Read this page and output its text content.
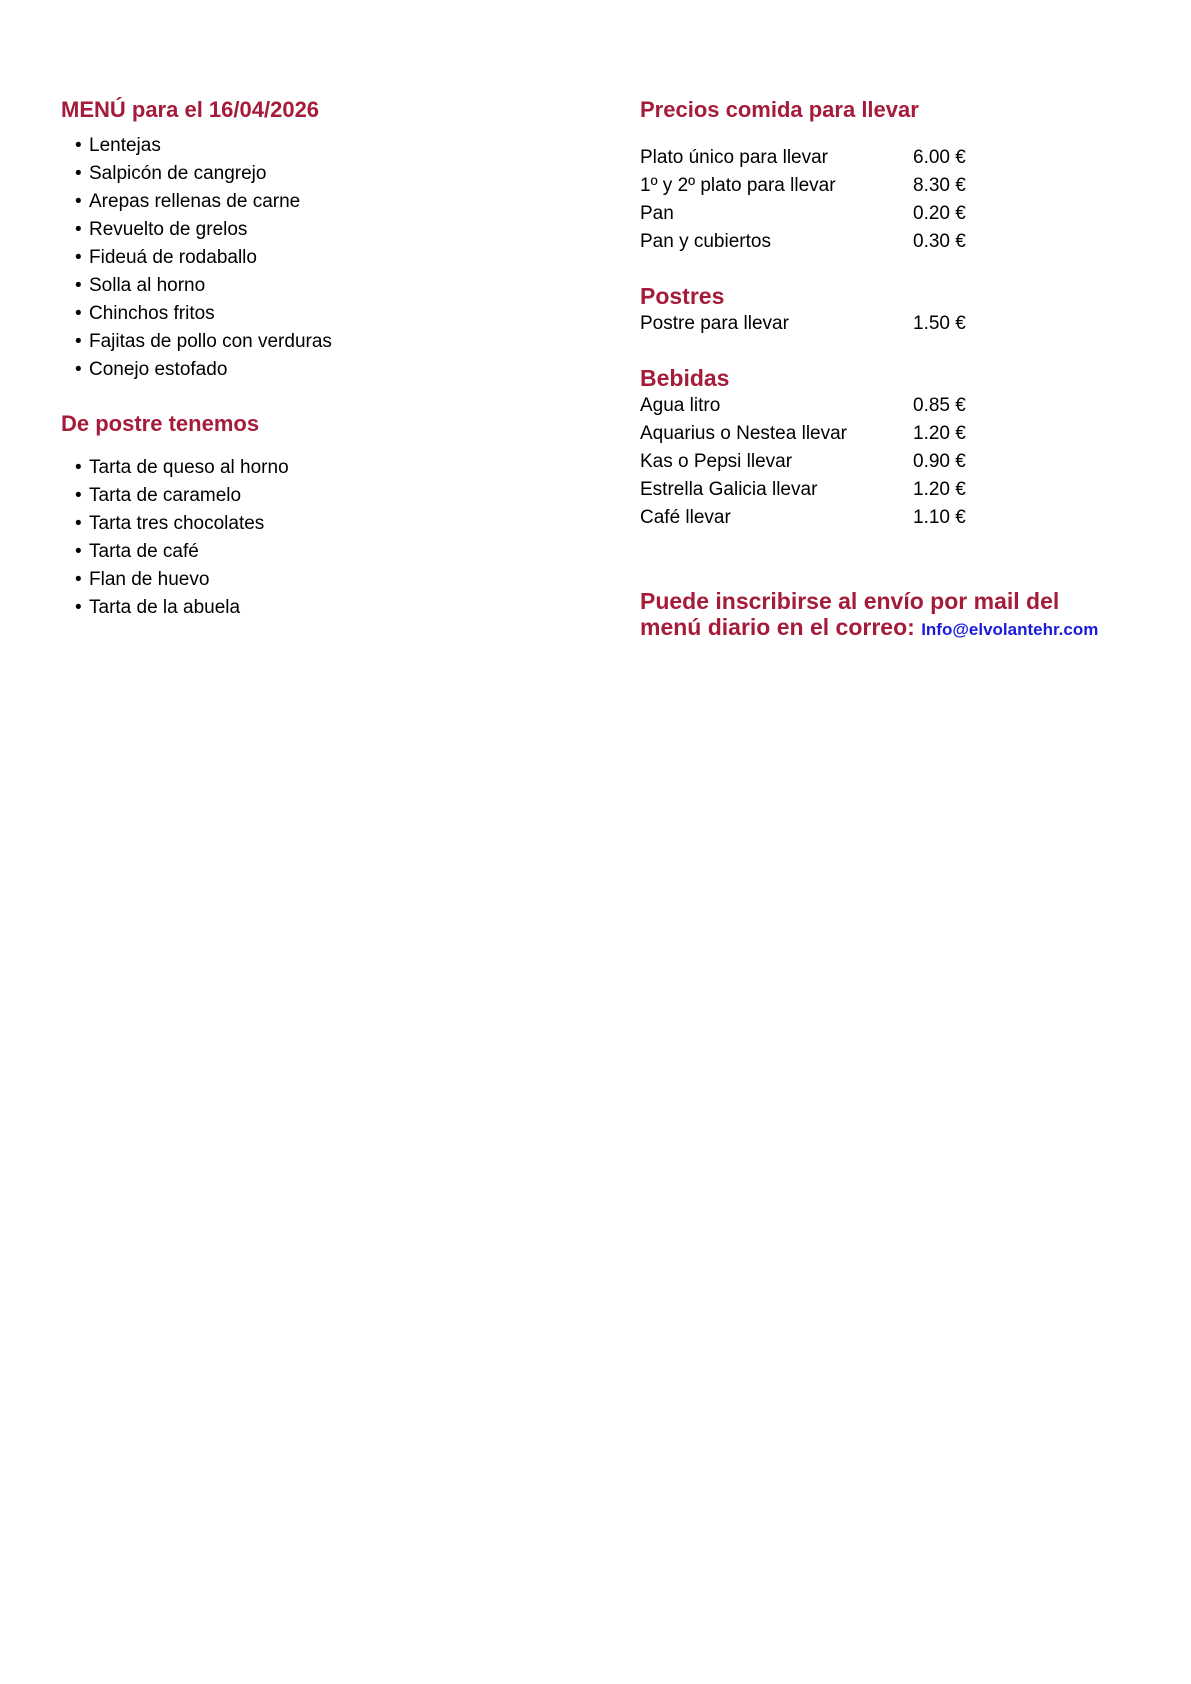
MENÚ para el 16/04/2026
• Lentejas
• Salpicón de cangrejo
• Arepas rellenas de carne
• Revuelto de grelos
• Fideuá de rodaballo
• Solla al horno
• Chinchos fritos
• Fajitas de pollo con verduras
• Conejo estofado
De postre tenemos
• Tarta de queso al horno
• Tarta de caramelo
• Tarta tres chocolates
• Tarta de café
• Flan de huevo
• Tarta de la abuela
Precios comida para llevar
Plato único para llevar	6.00 €
1º y 2º plato para llevar	8.30 €
Pan	0.20 €
Pan y cubiertos	0.30 €
Postres
Postre para llevar	1.50 €
Bebidas
Agua litro	0.85 €
Aquarius o Nestea llevar	1.20 €
Kas o Pepsi llevar	0.90 €
Estrella Galicia llevar	1.20 €
Café llevar	1.10 €
Puede inscribirse al envío por mail del
menú diario en el correo: Info@elvolantehr.com
